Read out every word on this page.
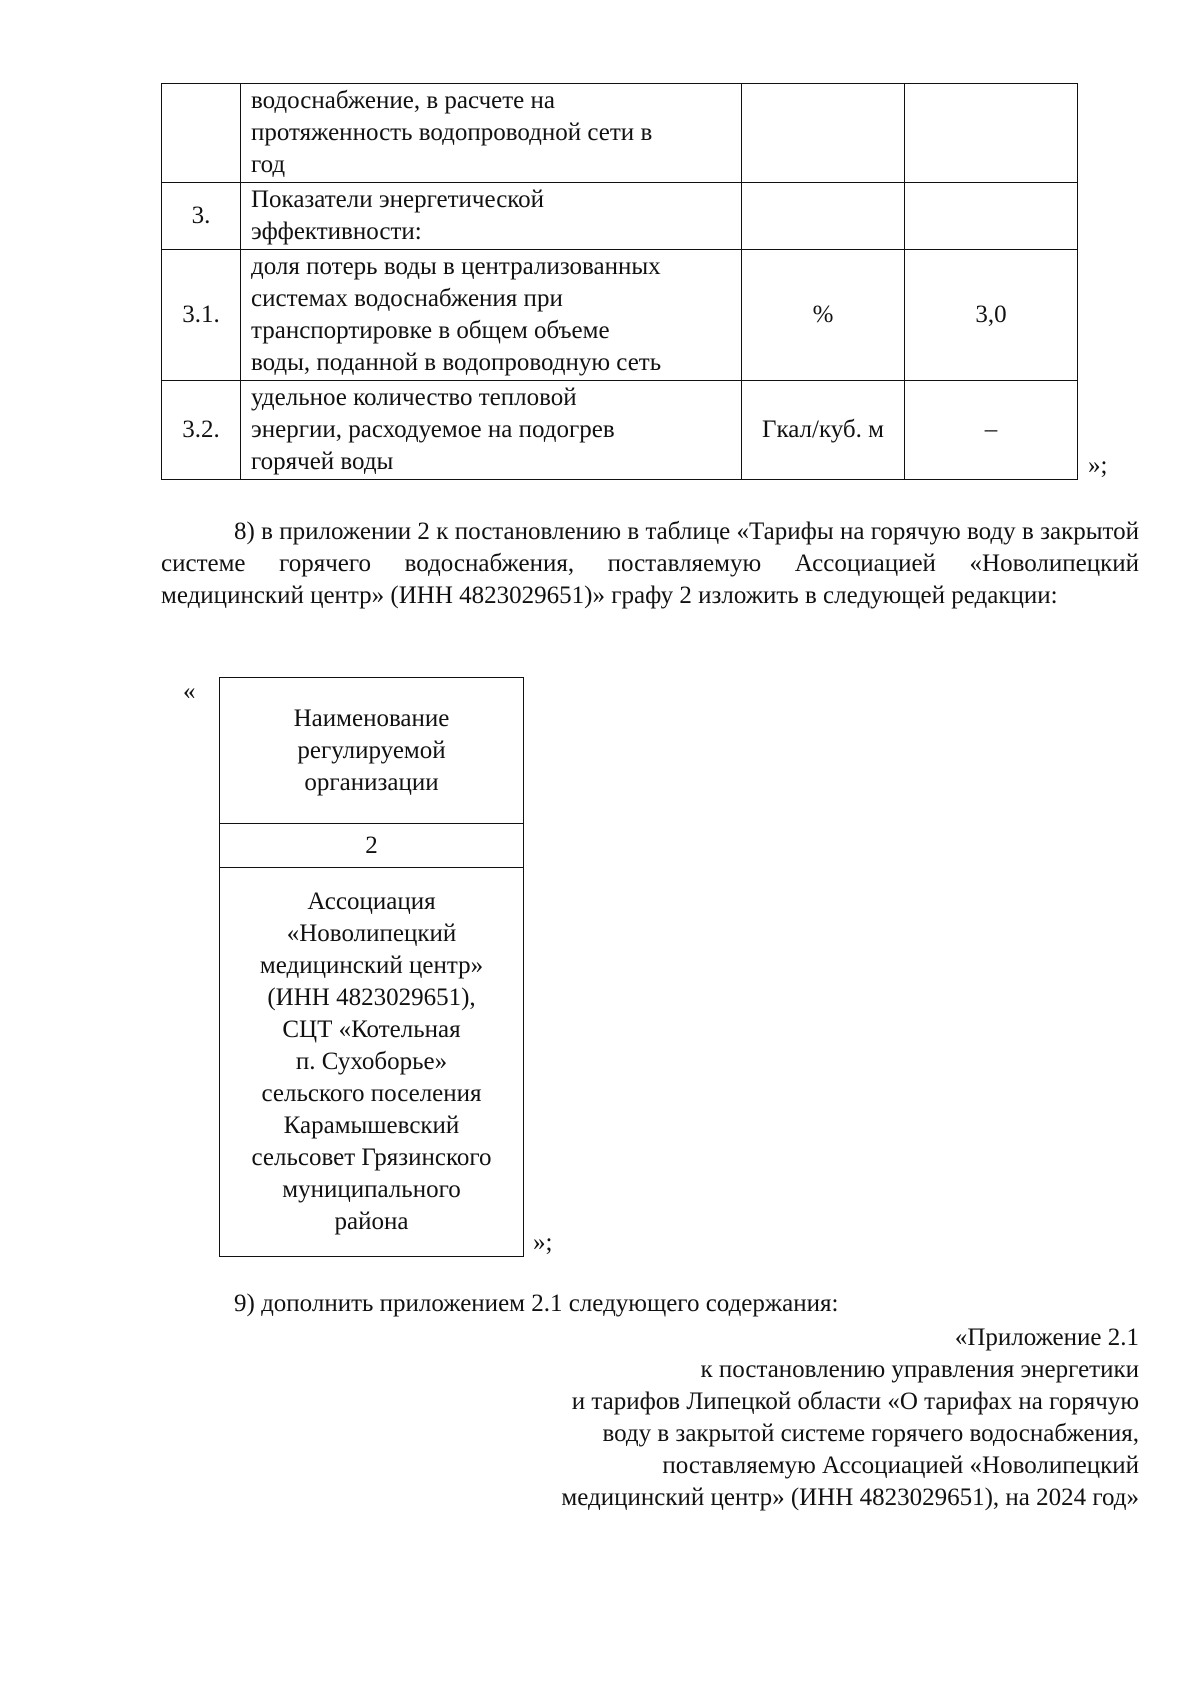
	водоснабжение, в расчете на
протяженность водопроводной сети в
год		

3.	Показатели энергетической
эффективности:		

3.1.	доля потерь воды в централизованных
системах водоснабжения при
транспортировке в общем объеме
воды, поданной в водопроводную сеть	%	3,0
3.2.	удельное количество тепловой
энергии, расходуемое на подогрев
горячей воды	Гкал/куб. м	–
»;

8) в приложении 2 к постановлению в таблице «Тарифы на горячую воду в закрытой системе горячего водоснабжения, поставляемую Ассоциацией «Новолипецкий медицинский центр» (ИНН 4823029651)» графу 2 изложить в следующей редакции:

«
Наименование
регулируемой
организации

2

Ассоциация
«Новолипецкий
медицинский центр»
(ИНН 4823029651),
СЦТ «Котельная
п. Сухоборье»
сельского поселения
Карамышевский
сельсовет Грязинского
муниципального
района
»;

9) дополнить приложением 2.1 следующего содержания:

«Приложение 2.1
к постановлению управления энергетики
и тарифов Липецкой области «О тарифах на горячую
воду в закрытой системе горячего водоснабжения,
поставляемую Ассоциацией «Новолипецкий
медицинский центр» (ИНН 4823029651), на 2024 год»
